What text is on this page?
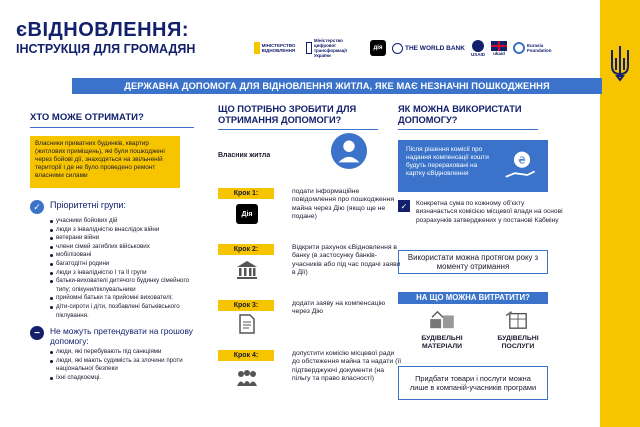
єВІДНОВЛЕННЯ:
ІНСТРУКЦІЯ ДЛЯ ГРОМАДЯН	МІНІСТЕРСТВО ВІДНОВЛЕННЯ
Міністерство цифрової трансформації України
дія	THE WORLD BANK
USAID ukaid
Eurasia Foundation
ДЕРЖАВНА ДОПОМОГА ДЛЯ ВІДНОВЛЕННЯ ЖИТЛА, ЯКЕ МАЄ НЕЗНАЧНІ ПОШКОДЖЕННЯ
ХТО МОЖЕ ОТРИМАТИ?
Власники приватних будинків, квартир (житлових приміщень), які були пошкоджені через бойові дії, знаходяться на звільненій території і де не було проведено ремонт власними силами
✓	Пріоритетні групи:
учасники бойових дій
люди з інвалідністю внаслідок війни
ветерани війни
члени сімей загиблих військових
мобілізовані
багатодітні родини
люди з інвалідністю І та ІІ групи
батьки-вихователі дитячого будинку сімейного типу; опікуни/піклувальники
прийомні батьки та прийомні вихователі;
діти-сироти і діти, позбавлені батьківського піклування.
−	Не можуть претендувати на грошову допомогу:
люди, які перебувають під санкціями
люди, які мають судимість за злочини проти національної безпеки
їхні спадкоємці.
ЩО ПОТРІБНО ЗРОБИТИ ДЛЯ ОТРИМАННЯ ДОПОМОГИ?
Власник житла
Крок 1:
Дія
подати інформаційне повідомлення про пошкодження майна через Дію (якщо ще не подане)
Крок 2:	Відкрити рахунок єВідновлення в банку (в застосунку банків-учасників або під час подачі заяви в Дії)
Крок 3:	додати заяву на компенсацію через Дію
Крок 4:	допустити комісію місцевої ради до обстеження майна та надати (її підтверджуючі документи (на пільгу та право власності)
ЯК МОЖНА ВИКОРИСТАТИ ДОПОМОГУ?
Після рішення комісії про надання компенсації кошти будуть перераховані на картку єВідновлення
₴
✓	Конкретна сума по кожному об'єкту визначається комісією місцевої влади на основі розрахунків затверджених у постанові Кабміну
Використати можна протягом року з моменту отримання
НА ЩО МОЖНА ВИТРАТИТИ?
БУДІВЕЛЬНІ МАТЕРІАЛИ
БУДІВЕЛЬНІ ПОСЛУГИ
Придбати товари і послуги можна лише в компаній-учасників програми
